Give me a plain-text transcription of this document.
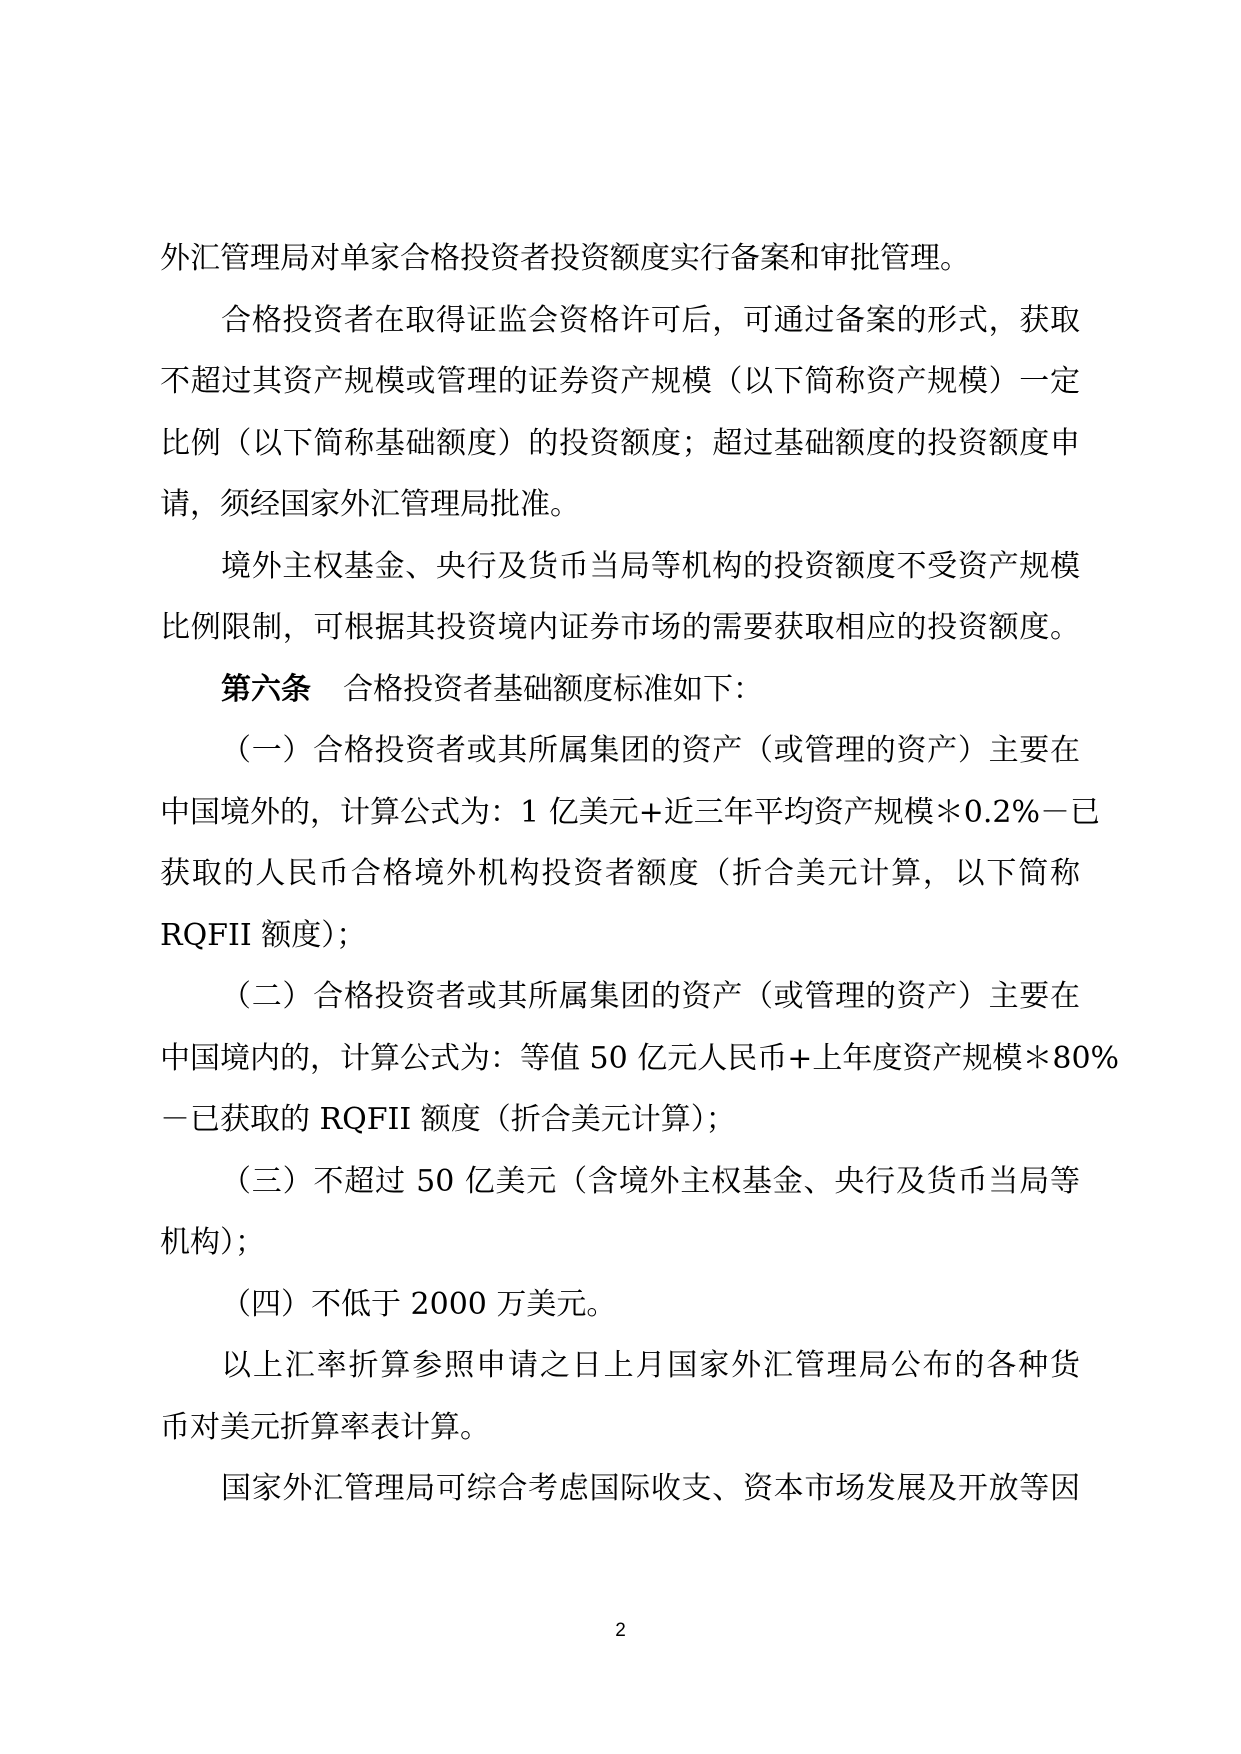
外汇管理局对单家合格投资者投资额度实行备案和审批管理。
合格投资者在取得证监会资格许可后，可通过备案的形式，获取
不超过其资产规模或管理的证券资产规模（以下简称资产规模）一定
比例（以下简称基础额度）的投资额度；超过基础额度的投资额度申
请，须经国家外汇管理局批准。
境外主权基金、央行及货币当局等机构的投资额度不受资产规模
比例限制，可根据其投资境内证券市场的需要获取相应的投资额度。
第六条 合格投资者基础额度标准如下：
（一）合格投资者或其所属集团的资产（或管理的资产）主要在
中国境外的，计算公式为：1 亿美元+近三年平均资产规模＊0.2%－已
获取的人民币合格境外机构投资者额度（折合美元计算，以下简称
RQFII 额度）；
（二）合格投资者或其所属集团的资产（或管理的资产）主要在
中国境内的，计算公式为：等值 50 亿元人民币+上年度资产规模＊80%
－已获取的 RQFII 额度（折合美元计算）；
（三）不超过 50 亿美元（含境外主权基金、央行及货币当局等
机构）；
（四）不低于 2000 万美元。
以上汇率折算参照申请之日上月国家外汇管理局公布的各种货
币对美元折算率表计算。
国家外汇管理局可综合考虑国际收支、资本市场发展及开放等因
2
